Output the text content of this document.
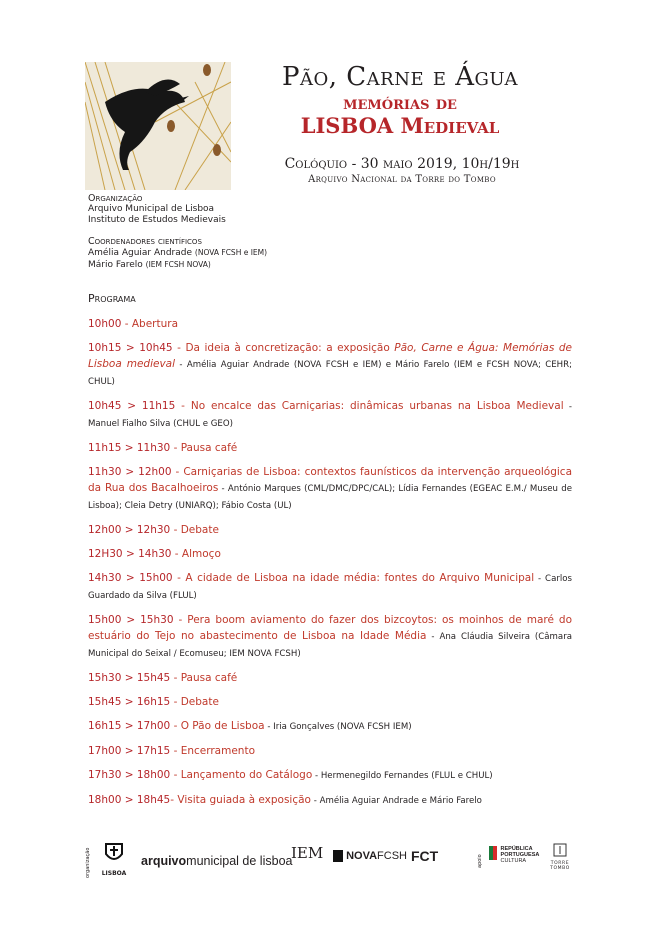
Pão, Carne e Água
memórias de
LISBOA Medieval
Colóquio - 30 maio 2019, 10h/19h
Arquivo Nacional da Torre do Tombo
Organização
Arquivo Municipal de Lisboa
Instituto de Estudos Medievais
Coordenadores científicos
Amélia Aguiar Andrade (NOVA FCSH e IEM)
Mário Farelo (IEM FCSH NOVA)
Programa
10h00 - Abertura
10h15 > 10h45 - Da ideia à concretização: a exposição Pão, Carne e Água: Memórias de Lisboa medieval - Amélia Aguiar Andrade (NOVA FCSH e IEM) e Mário Farelo (IEM e FCSH NOVA; CEHR; CHUL)
10h45 > 11h15 - No encalce das Carniçarias: dinâmicas urbanas na Lisboa Medieval - Manuel Fialho Silva (CHUL e GEO)
11h15 > 11h30 - Pausa café
11h30 > 12h00 - Carniçarias de Lisboa: contextos faunísticos da intervenção arqueológica da Rua dos Bacalhoeiros - António Marques (CML/DMC/DPC/CAL); Lídia Fernandes (EGEAC E.M./ Museu de Lisboa); Cleia Detry (UNIARQ); Fábio Costa (UL)
12h00 > 12h30 - Debate
12H30 > 14h30 - Almoço
14h30 > 15h00 - A cidade de Lisboa na idade média: fontes do Arquivo Municipal - Carlos Guardado da Silva (FLUL)
15h00 > 15h30 - Pera boom aviamento do fazer dos bizcoytos: os moinhos de maré do estuário do Tejo no abastecimento de Lisboa na Idade Média - Ana Cláudia Silveira (Câmara Municipal do Seixal / Ecomuseu; IEM NOVA FCSH)
15h30 > 15h45 - Pausa café
15h45 > 16h15 - Debate
16h15 > 17h00 - O Pão de Lisboa - Iria Gonçalves (NOVA FCSH IEM)
17h00 > 17h15 - Encerramento
17h30 > 18h00 - Lançamento do Catálogo - Hermenegildo Fernandes (FLUL e CHUL)
18h00 > 18h45- Visita guiada à exposição - Amélia Aguiar Andrade e Mário Farelo
organização	LISBOA
arquivomunicipal de lisboa
IEM	NOVAFCSH FCT	apoio

REPÚBLICA
PORTUGUESA
CULTURA	TORRE TOMBO
